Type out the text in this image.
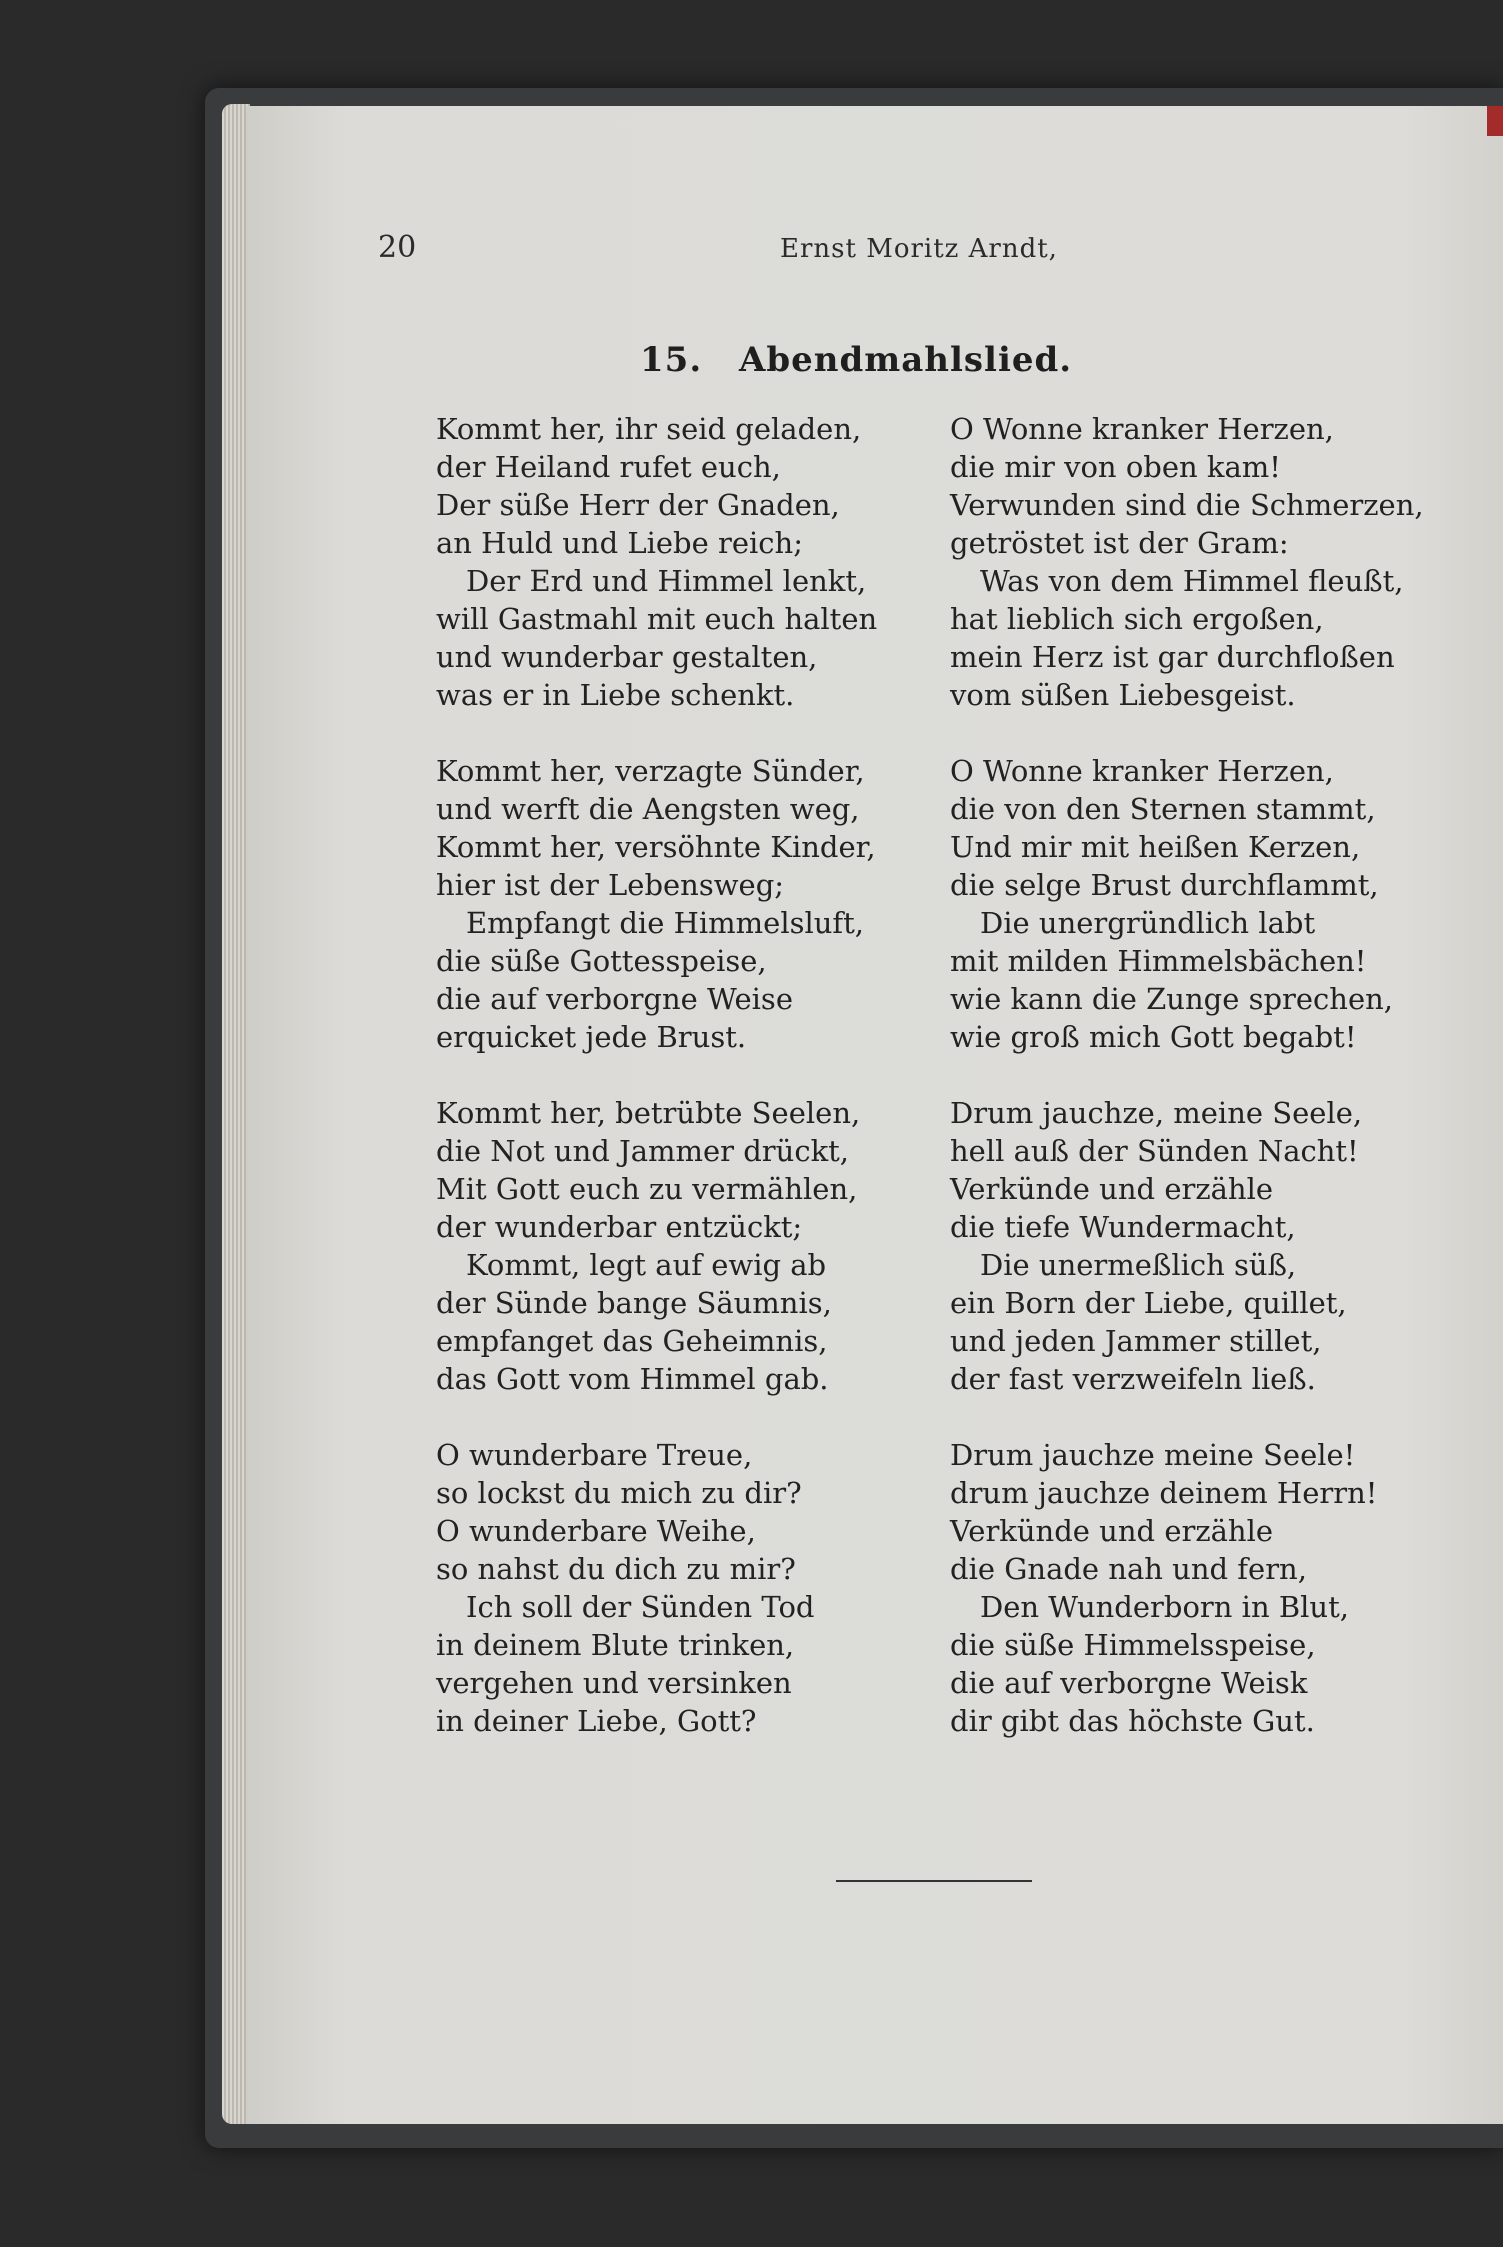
20	Ernst Moritz Arndt,
15. Abendmahlslied.
Kommt her, ihr seid geladen,
der Heiland rufet euch,
Der süße Herr der Gnaden,
an Huld und Liebe reich;
Der Erd und Himmel lenkt,
will Gastmahl mit euch halten
und wunderbar gestalten,
was er in Liebe schenkt.
Kommt her, verzagte Sünder,
und werft die Aengsten weg,
Kommt her, versöhnte Kinder,
hier ist der Lebensweg;
Empfangt die Himmelsluft,
die süße Gottesspeise,
die auf verborgne Weise
erquicket jede Brust.
Kommt her, betrübte Seelen,
die Not und Jammer drückt,
Mit Gott euch zu vermählen,
der wunderbar entzückt;
Kommt, legt auf ewig ab
der Sünde bange Säumnis,
empfanget das Geheimnis,
das Gott vom Himmel gab.
O wunderbare Treue,
so lockst du mich zu dir?
O wunderbare Weihe,
so nahst du dich zu mir?
Ich soll der Sünden Tod
in deinem Blute trinken,
vergehen und versinken
in deiner Liebe, Gott?
O Wonne kranker Herzen,
die mir von oben kam!
Verwunden sind die Schmerzen,
getröstet ist der Gram:
Was von dem Himmel fleußt,
hat lieblich sich ergoßen,
mein Herz ist gar durchfloßen
vom süßen Liebesgeist.
O Wonne kranker Herzen,
die von den Sternen stammt,
Und mir mit heißen Kerzen,
die selge Brust durchflammt,
Die unergründlich labt
mit milden Himmelsbächen!
wie kann die Zunge sprechen,
wie groß mich Gott begabt!
Drum jauchze, meine Seele,
hell auß der Sünden Nacht!
Verkünde und erzähle
die tiefe Wundermacht,
Die unermeßlich süß,
ein Born der Liebe, quillet,
und jeden Jammer stillet,
der fast verzweifeln ließ.
Drum jauchze meine Seele!
drum jauchze deinem Herrn!
Verkünde und erzähle
die Gnade nah und fern,
Den Wunderborn in Blut,
die süße Himmelsspeise,
die auf verborgne Weisk
dir gibt das höchste Gut.
